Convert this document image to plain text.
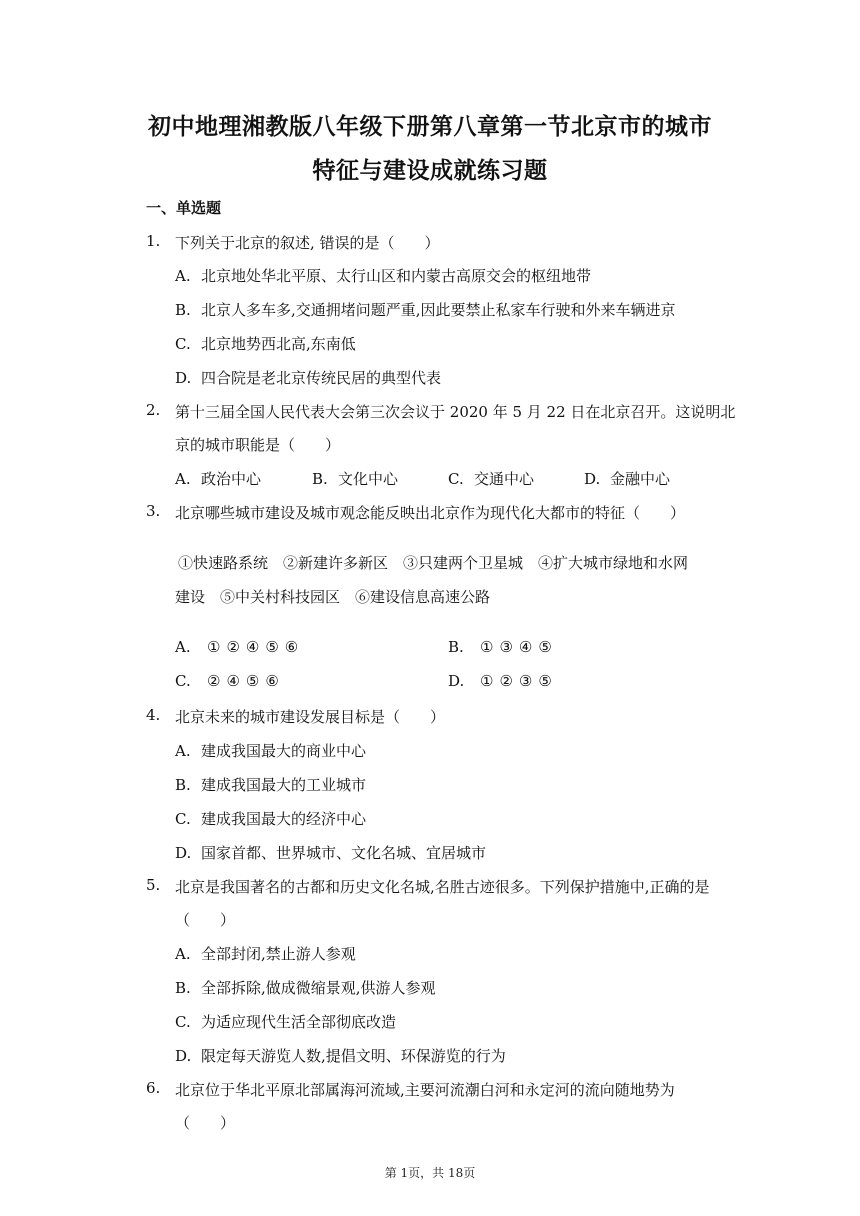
初中地理湘教版八年级下册第八章第一节北京市的城市
特征与建设成就练习题
一、单选题
1. 下列关于北京的叙述, 错误的是（　　）
A. 北京地处华北平原、太行山区和内蒙古高原交会的枢纽地带
B. 北京人多车多,交通拥堵问题严重,因此要禁止私家车行驶和外来车辆进京
C. 北京地势西北高,东南低
D. 四合院是老北京传统民居的典型代表
2. 第十三届全国人民代表大会第三次会议于 2020 年 5 月 22 日在北京召开。这说明北
京的城市职能是（　　）
A. 政治中心	B. 文化中心	C. 交通中心	D. 金融中心
3. 北京哪些城市建设及城市观念能反映出北京作为现代化大都市的特征（　　）
①快速路系统　②新建许多新区　③只建两个卫星城　④扩大城市绿地和水网
建设　⑤中关村科技园区　⑥建设信息高速公路
A. ①②④⑤⑥	B. ①③④⑤
C. ②④⑤⑥	D. ①②③⑤
4. 北京未来的城市建设发展目标是（　　）
A. 建成我国最大的商业中心
B. 建成我国最大的工业城市
C. 建成我国最大的经济中心
D. 国家首都、世界城市、文化名城、宜居城市
5. 北京是我国著名的古都和历史文化名城,名胜古迹很多。下列保护措施中,正确的是
（　　）
A. 全部封闭,禁止游人参观
B. 全部拆除,做成微缩景观,供游人参观
C. 为适应现代生活全部彻底改造
D. 限定每天游览人数,提倡文明、环保游览的行为
6. 北京位于华北平原北部属海河流域,主要河流潮白河和永定河的流向随地势为
（　　）
第 1页，共 18页
